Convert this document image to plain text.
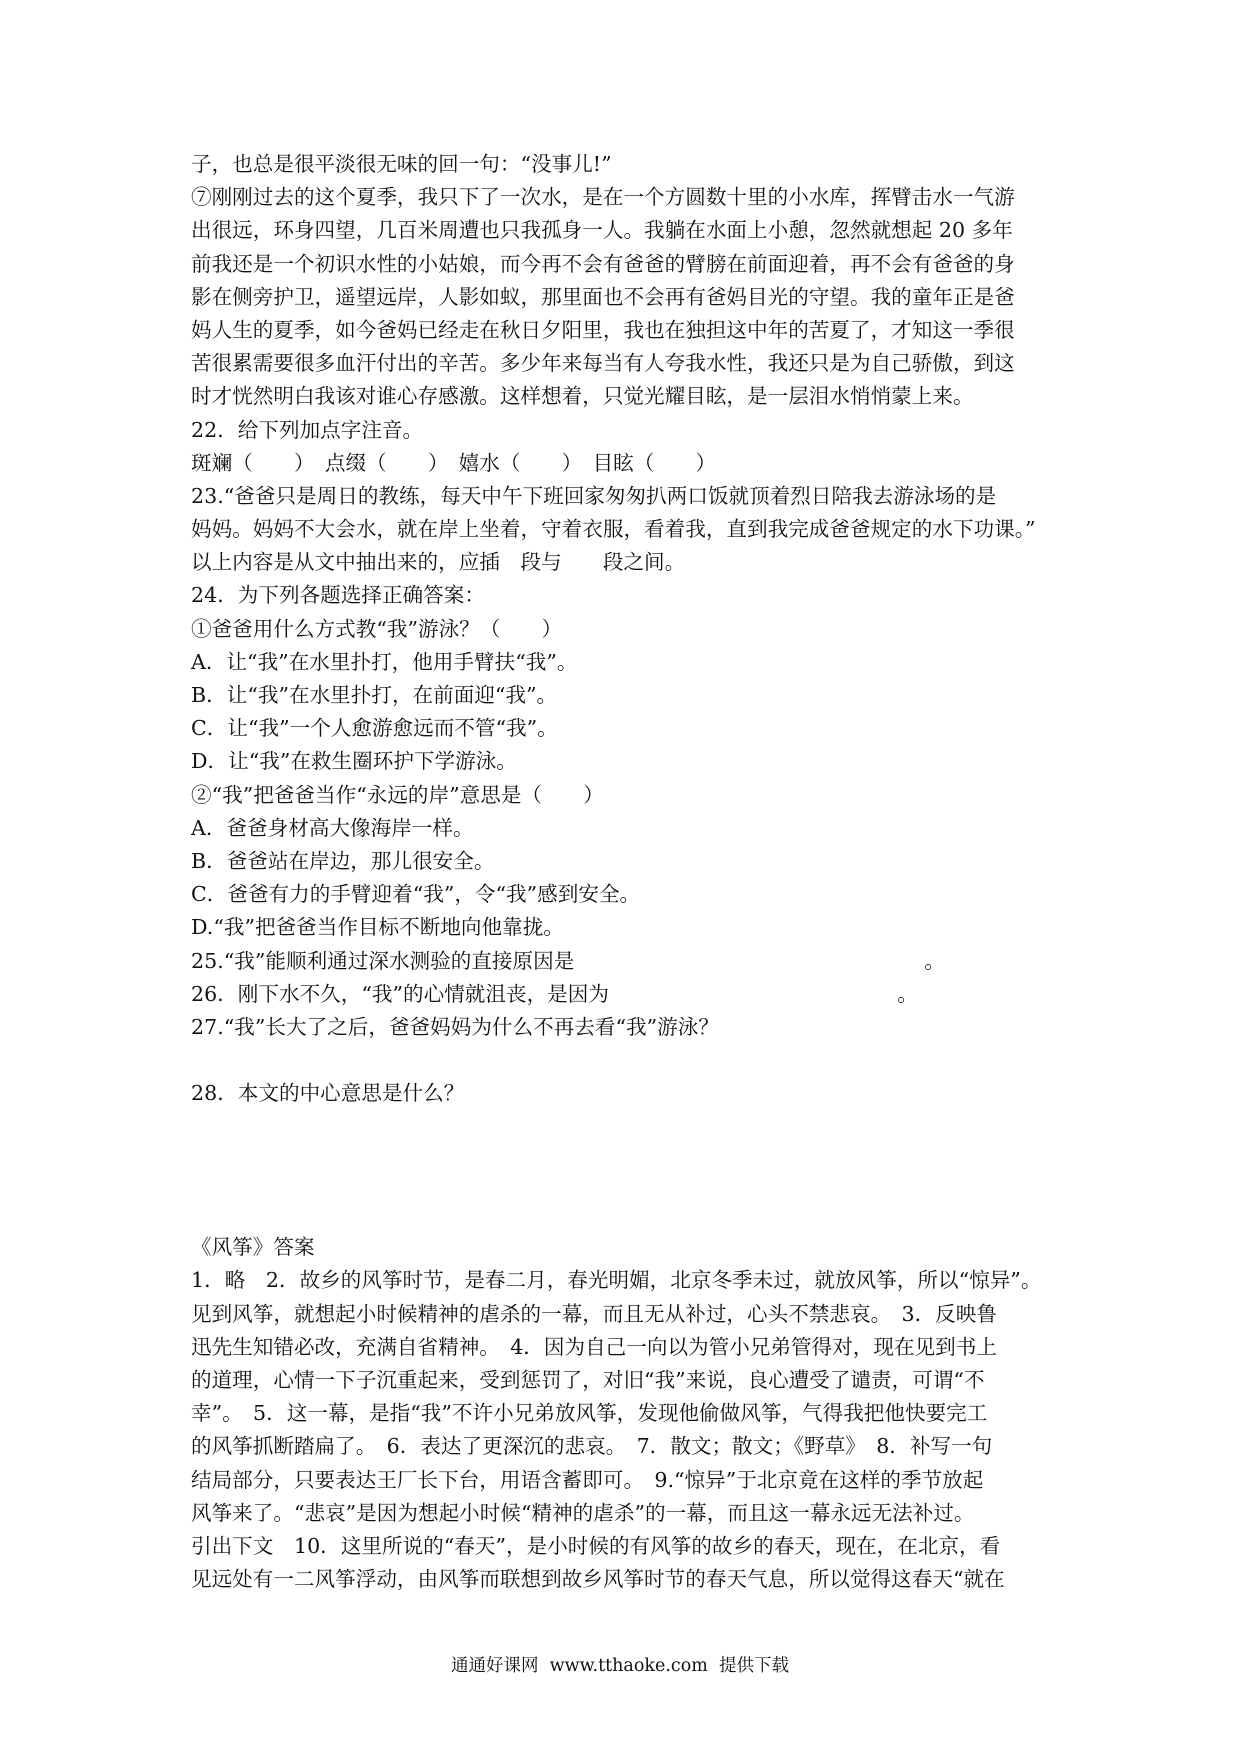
子，也总是很平淡很无味的回一句：“没事儿!”
⑦刚刚过去的这个夏季，我只下了一次水，是在一个方圆数十里的小水库，挥臂击水一气游
出很远，环身四望，几百米周遭也只我孤身一人。我躺在水面上小憩，忽然就想起 20 多年
前我还是一个初识水性的小姑娘，而今再不会有爸爸的臂膀在前面迎着，再不会有爸爸的身
影在侧旁护卫，遥望远岸，人影如蚁，那里面也不会再有爸妈目光的守望。我的童年正是爸
妈人生的夏季，如今爸妈已经走在秋日夕阳里，我也在独担这中年的苦夏了，才知这一季很
苦很累需要很多血汗付出的辛苦。多少年来每当有人夸我水性，我还只是为自己骄傲，到这
时才恍然明白我该对谁心存感激。这样想着，只觉光耀目眩，是一层泪水悄悄蒙上来。
22．给下列加点字注音。
斑斓（　　）　点缀（　　）　嬉水（　　）　目眩（　　）
23.“爸爸只是周日的教练，每天中午下班回家匆匆扒两口饭就顶着烈日陪我去游泳场的是
妈妈。妈妈不大会水，就在岸上坐着，守着衣服，看着我，直到我完成爸爸规定的水下功课。”
以上内容是从文中抽出来的，应插　段与　　段之间。
24．为下列各题选择正确答案：
①爸爸用什么方式教“我”游泳？（　　）
A．让“我”在水里扑打，他用手臂扶“我”。
B．让“我”在水里扑打，在前面迎“我”。
C．让“我”一个人愈游愈远而不管“我”。
D．让“我”在救生圈环护下学游泳。
②“我”把爸爸当作“永远的岸”意思是（　　）
A．爸爸身材高大像海岸一样。
B．爸爸站在岸边，那儿很安全。
C．爸爸有力的手臂迎着“我”，令“我”感到安全。
D.“我”把爸爸当作目标不断地向他靠拢。
25.“我”能顺利通过深水测验的直接原因是　　　　　　　　　　　　　　　　　。
26．刚下水不久，“我”的心情就沮丧，是因为　　　　　　　　　　　　　　。
27.“我”长大了之后，爸爸妈妈为什么不再去看“我”游泳？
28．本文的中心意思是什么？
《风筝》答案
1．略　2．故乡的风筝时节，是春二月，春光明媚，北京冬季未过，就放风筝，所以“惊异”。
见到风筝，就想起小时候精神的虐杀的一幕，而且无从补过，心头不禁悲哀。　3．反映鲁
迅先生知错必改，充满自省精神。　4．因为自己一向以为管小兄弟管得对，现在见到书上
的道理，心情一下子沉重起来，受到惩罚了，对旧“我”来说，良心遭受了谴责，可谓“不
幸”。　5．这一幕，是指“我”不许小兄弟放风筝，发现他偷做风筝，气得我把他快要完工
的风筝抓断踏扁了。　6．表达了更深沉的悲哀。　7．散文；散文；《野草》　8．补写一句
结局部分，只要表达王厂长下台，用语含蓄即可。　9.“惊异”于北京竟在这样的季节放起
风筝来了。“悲哀”是因为想起小时候“精神的虐杀”的一幕，而且这一幕永远无法补过。
引出下文　10．这里所说的“春天”，是小时候的有风筝的故乡的春天，现在，在北京，看
见远处有一二风筝浮动，由风筝而联想到故乡风筝时节的春天气息，所以觉得这春天“就在
通通好课网  www.tthaoke.com  提供下载
